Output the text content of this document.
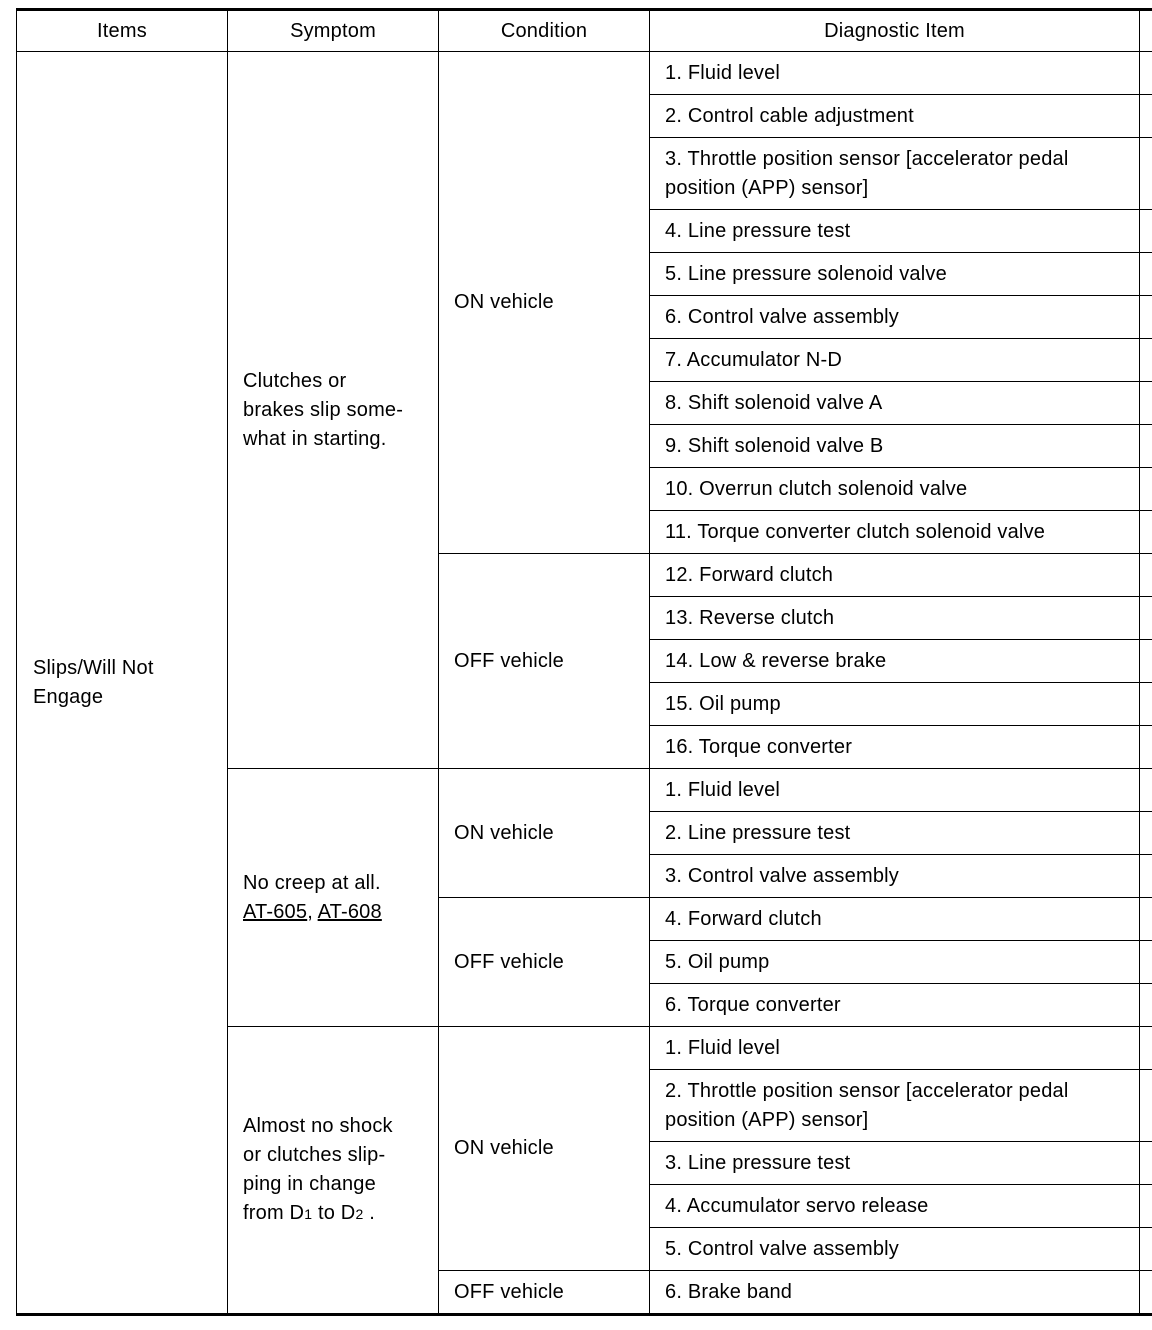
Items	Symptom	Condition	Diagnostic Item	

Slips/Will Not Engage	Clutches or
brakes slip some-
what in starting.	ON vehicle	1. Fluid level	
			2. Control cable adjustment	
			3. Throttle position sensor [accelerator pedal position (APP) sensor]	
			4. Line pressure test	
			5. Line pressure solenoid valve	
			6. Control valve assembly	
			7. Accumulator N-D	
			8. Shift solenoid valve A	
			9. Shift solenoid valve B	
			10. Overrun clutch solenoid valve	
			11. Torque converter clutch solenoid valve	
		OFF vehicle	12. Forward clutch	
			13. Reverse clutch	
			14. Low & reverse brake	
			15. Oil pump	
			16. Torque converter	

	No creep at all.
AT-605, AT-608	ON vehicle	1. Fluid level	
			2. Line pressure test	
			3. Control valve assembly	
		OFF vehicle	4. Forward clutch	
			5. Oil pump	
			6. Torque converter	

	Almost no shock
or clutches slip-
ping in change
from D1 to D2 .	ON vehicle	1. Fluid level	
			2. Throttle position sensor [accelerator pedal position (APP) sensor]	
			3. Line pressure test	
			4. Accumulator servo release	
			5. Control valve assembly	
		OFF vehicle	6. Brake band	
